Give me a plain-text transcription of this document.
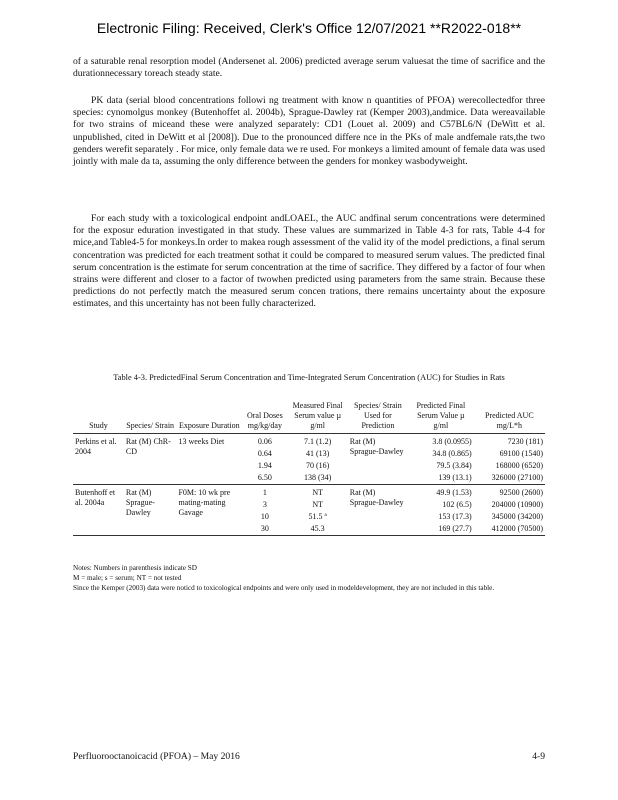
Electronic Filing: Received, Clerk's Office 12/07/2021 **R2022-018**

of a saturable renal resorption model (Andersenet al. 2006) predicted average serum valuesat the time of sacrifice and the durationnecessary toreach steady state.

PK data (serial blood concentrations followi ng treatment with know n quantities of PFOA) werecollectedfor three species: cynomolgus monkey (Butenhoffet al. 2004b), Sprague-Dawley rat (Kemper 2003),andmice. Data wereavailable for two strains of miceand these were analyzed separately: CD1 (Louet al. 2009) and C57BL6/N (DeWitt et al. unpublished, cited in DeWitt et al [2008]). Due to the pronounced differe nce in the PKs of male andfemale rats,the two genders werefit separately . For mice, only female data we re used. For monkeys a limited amount of female data was used jointly with male da ta, assuming the only difference between the genders for monkey wasbodyweight.

For each study with a toxicological endpoint andLOAEL, the AUC andfinal serum concentrations were determined for the exposur eduration investigated in that study. These values are summarized in Table 4-3 for rats, Table 4-4 for mice,and Table4-5 for monkeys.In order to makea rough assessment of the valid ity of the model predictions, a final serum concentration was predicted for each treatment sothat it could be compared to measured serum values. The predicted final serum concentration is the estimate for serum concentration at the time of sacrifice. They differed by a factor of four when strains were different and closer to a factor of twowhen predicted using parameters from the same strain. Because these predictions do not perfectly match the measured serum concen trations, there remains uncertainty about the exposure estimates, and this uncertainty has not been fully characterized.

Table 4-3. PredictedFinal Serum Concentration and Time-Integrated Serum Concentration (AUC) for Studies in Rats
Study	Species/ Strain	Exposure Duration	Oral Doses mg/kg/day	Measured Final Serum value µ g/ml	Species/ Strain Used for Prediction	Predicted Final Serum Value µ g/ml	Predicted AUC mg/L*h
Perkins et al. 2004	Rat (M) ChR-CD	13 weeks Diet	0.06	7.1 (1.2)	Rat (M) Sprague-Dawley	3.8 (0.0955)	7230 (181)
			0.64	41 (13)		34.8 (0.865)	69100 (1540)
			1.94	70 (16)		79.5 (3.84)	168000 (6520)
			6.50	138 (34)		139 (13.1)	326000 (27100)

Butenhoff et al. 2004a	Rat (M) Sprague-Dawley	F0M: 10 wk pre mating-mating Gavage	1	NT	Rat (M) Sprague-Dawley	49.9 (1.53)	92500 (2600)
			3	NT		102 (6.5)	204000 (10900)
			10	51.5 ª		153 (17.3)	345000 (34200)
			30	45.3		169 (27.7)	412000 (70500)

Notes: Numbers in parenthesis indicate SD
M = male; s = serum; NT = not tested
Since the Kemper (2003) data were noticd to toxicological endpoints and were only used in modeldevelopment, they are not included in this table.
Perfluorooctanoicacid (PFOA) – May 2016	4-9
